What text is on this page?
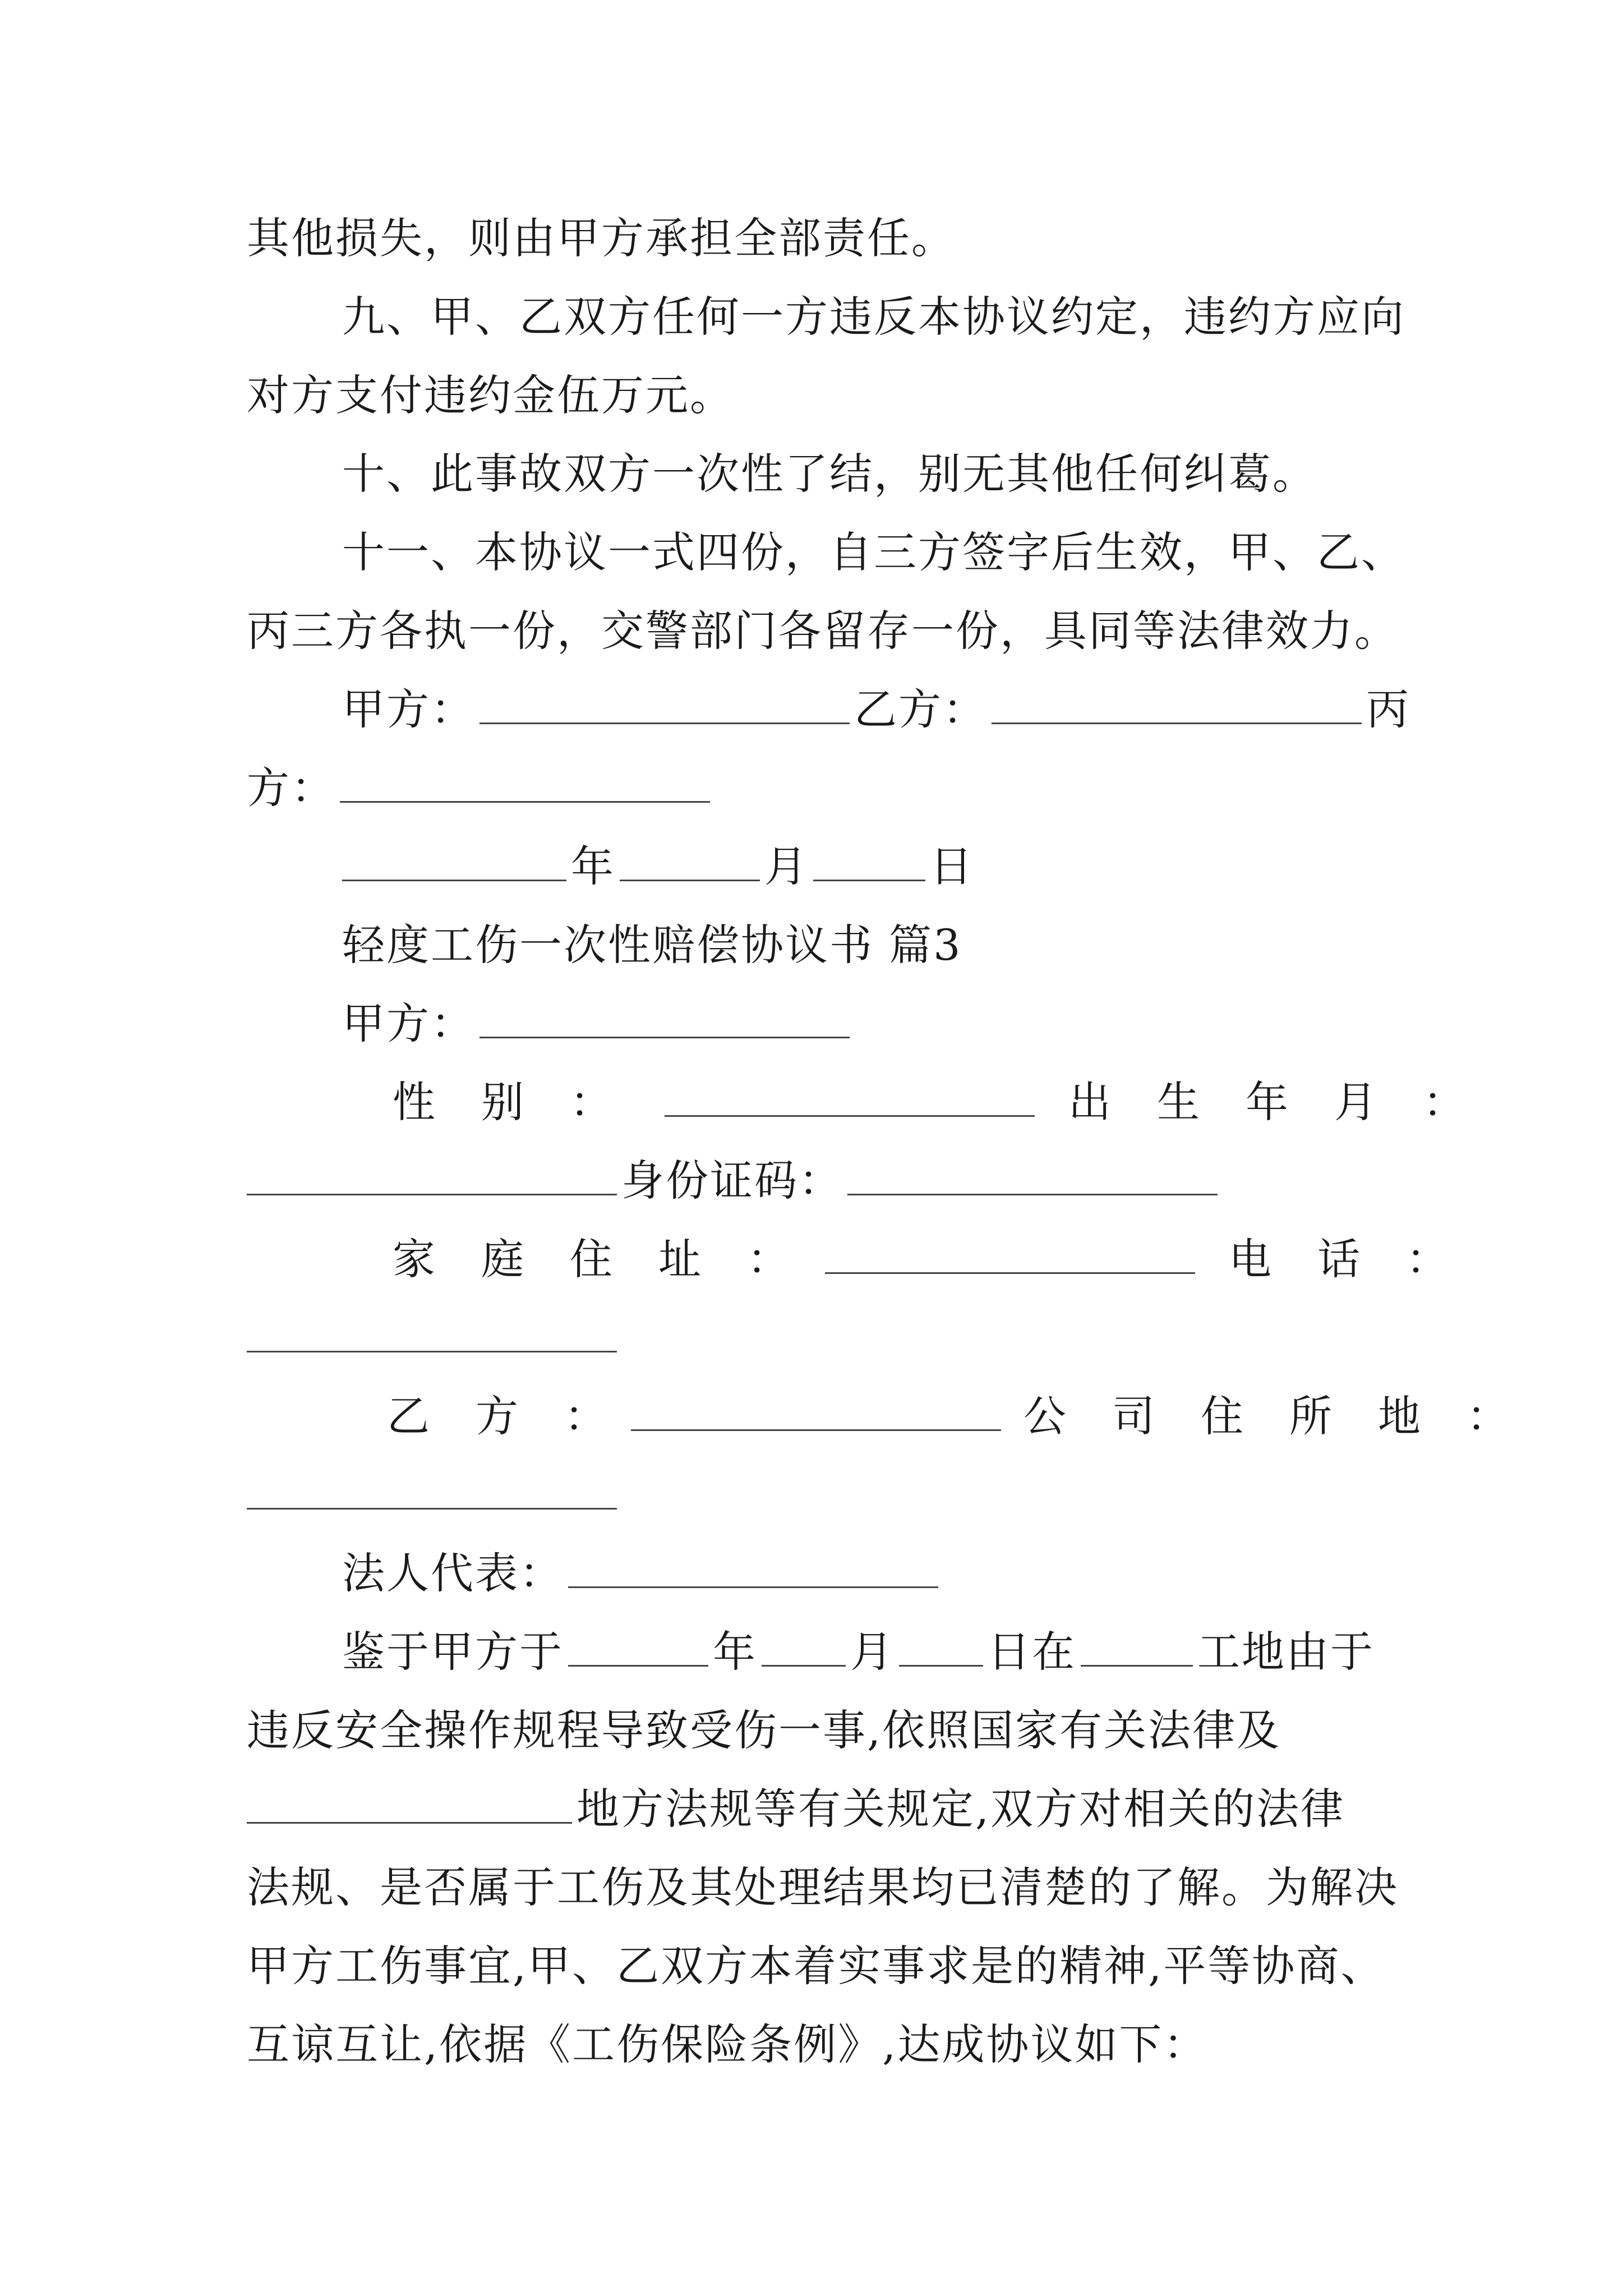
其他损失，则由甲方承担全部责任。
九、甲、乙双方任何一方违反本协议约定，违约方应向
对方支付违约金伍万元。
十、此事故双方一次性了结，别无其他任何纠葛。
十一、本协议一式四份，自三方签字后生效，甲、乙、
丙三方各执一份，交警部门各留存一份，具同等法律效力。
甲方：	乙方：	丙
方：
年	月	日
轻度工伤一次性赔偿协议书 篇3
甲方：
性　别　：	出　生　年　月　：
身份证码：
家　庭　住　址　：	电　话　：
乙　方　：	公　司　住　所　地　：
法人代表：
鉴于甲方于	年 月 日在	工地由于
违反安全操作规程导致受伤一事,依照国家有关法律及
地方法规等有关规定,双方对相关的法律
法规、是否属于工伤及其处理结果均已清楚的了解。为解决
甲方工伤事宜,甲、乙双方本着实事求是的精神,平等协商、
互谅互让,依据《工伤保险条例》,达成协议如下：
